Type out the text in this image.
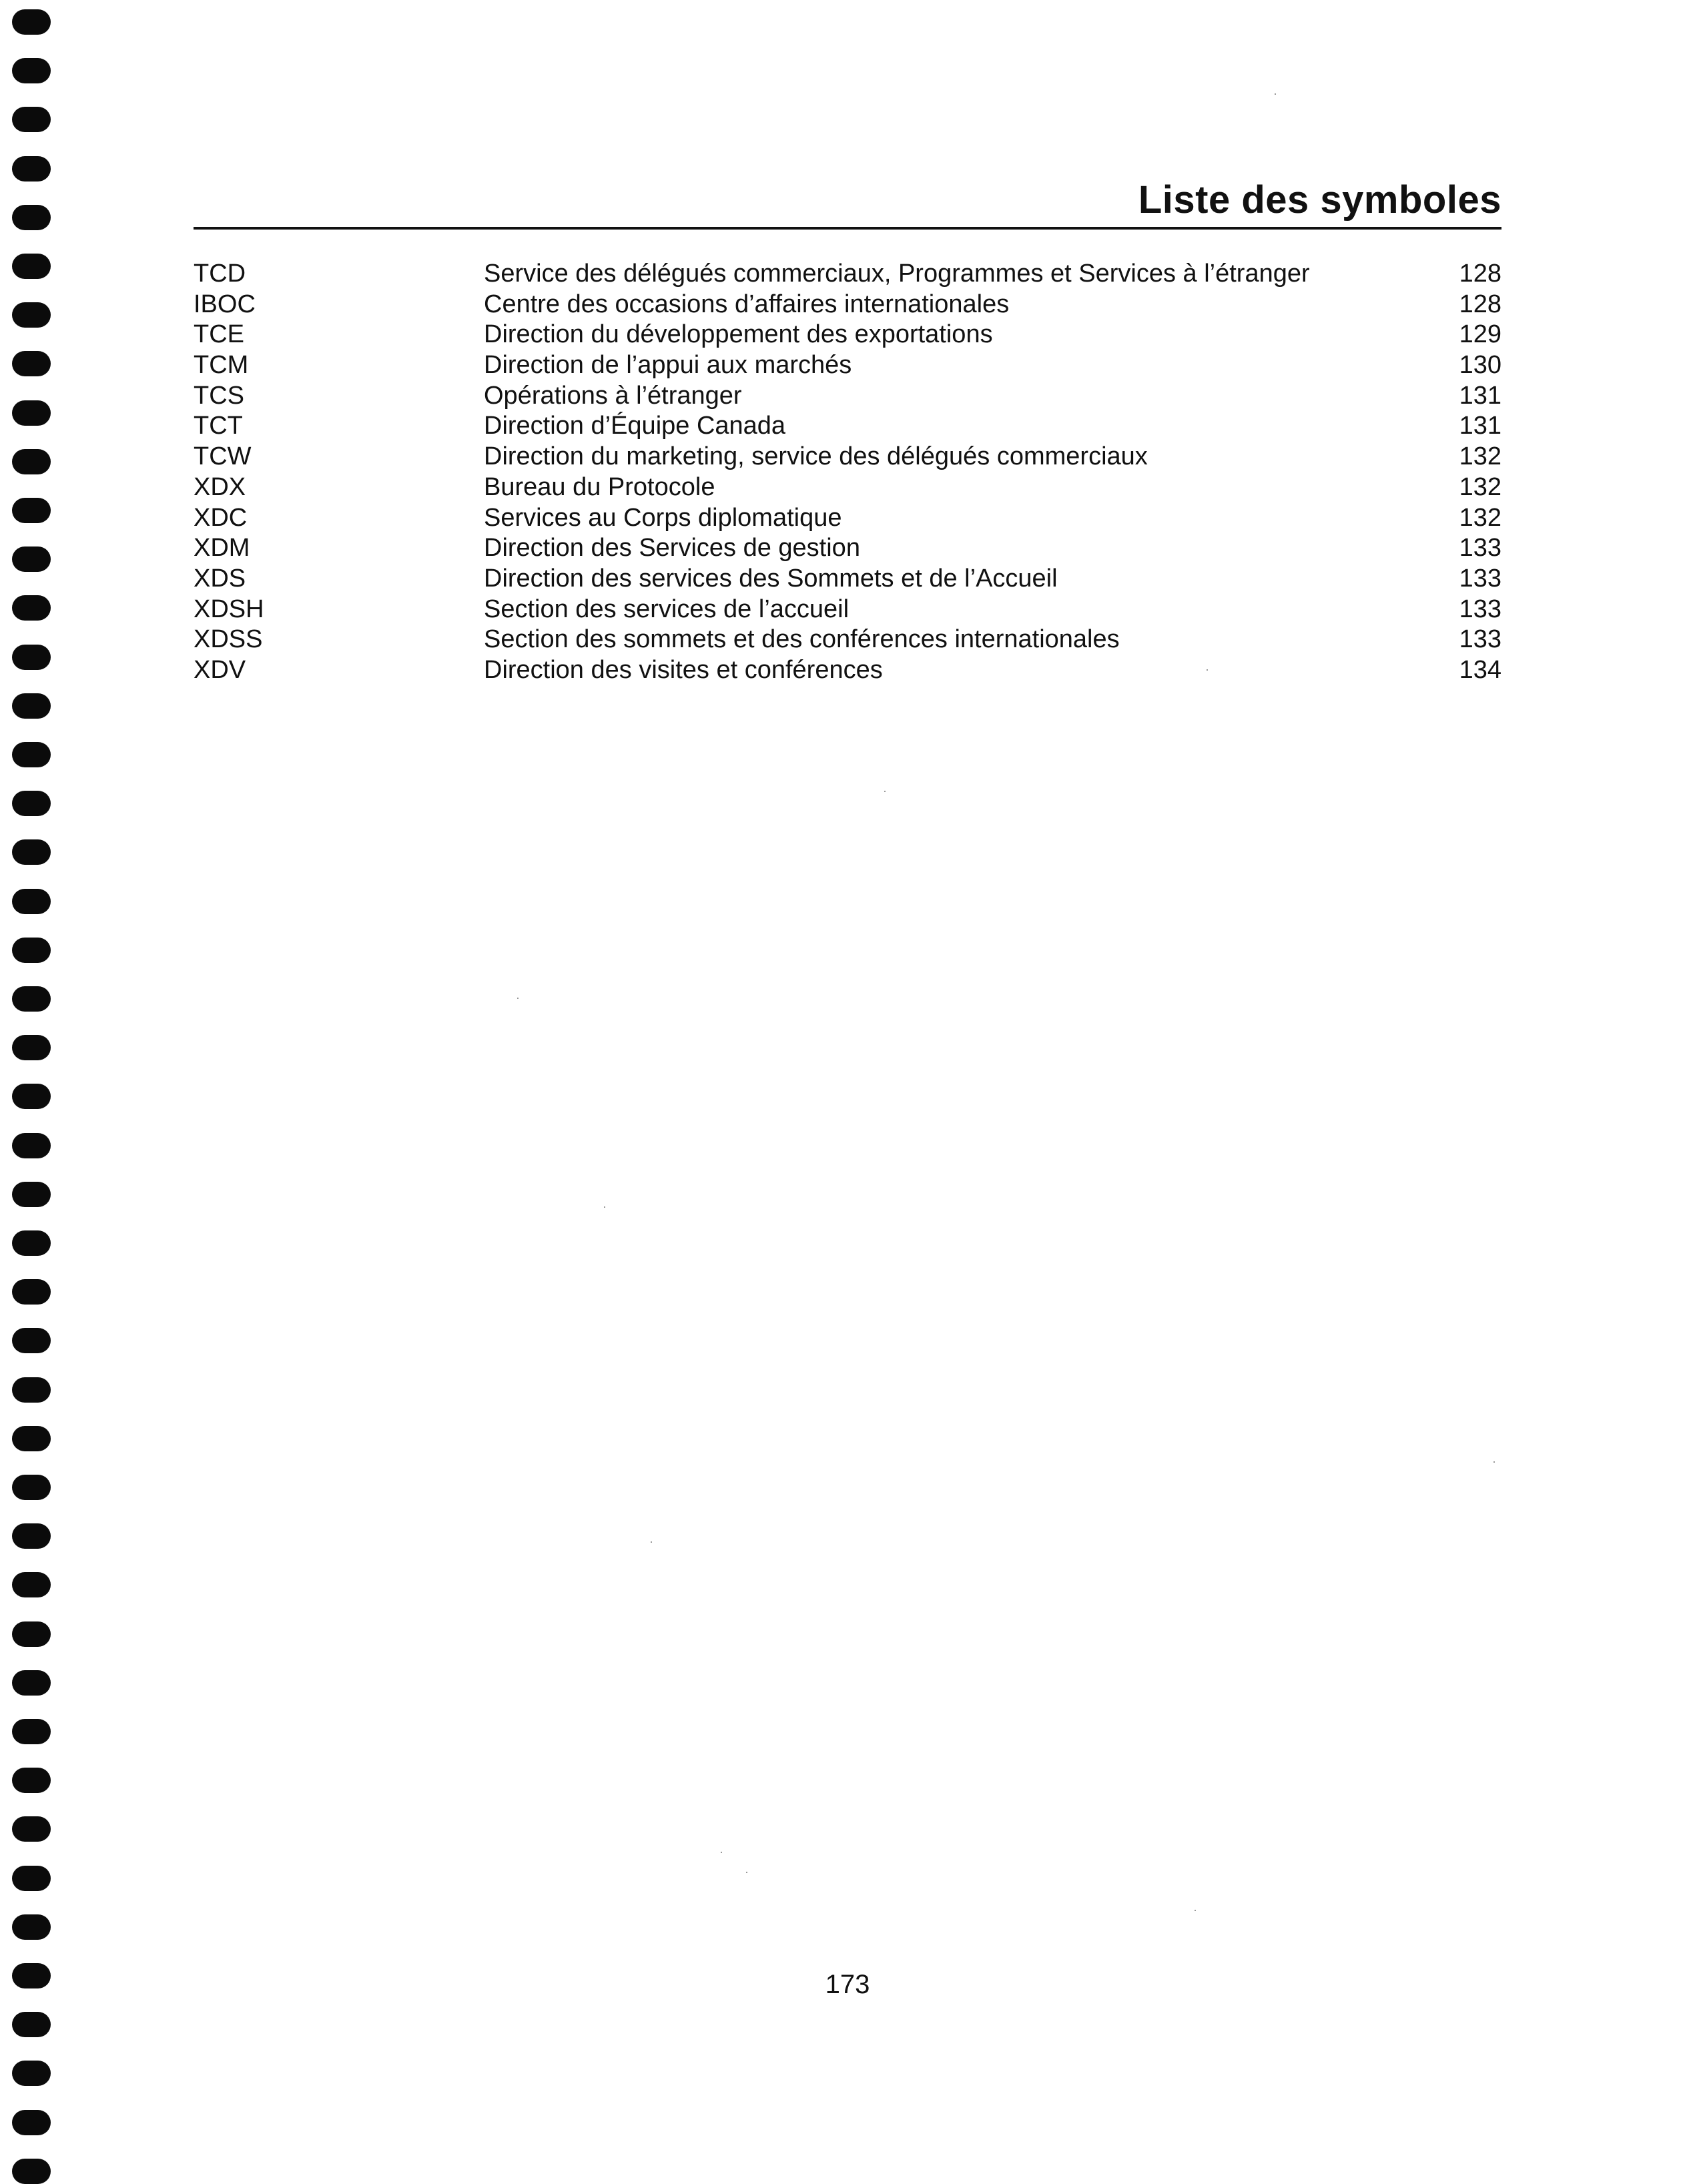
Liste des symboles
TCD	Service des délégués commerciaux, Programmes et Services à l’étranger	128
IBOC	Centre des occasions d’affaires internationales	128
TCE	Direction du développement des exportations	129
TCM	Direction de l’appui aux marchés	130
TCS	Opérations à l’étranger	131
TCT	Direction d’Équipe Canada	131
TCW	Direction du marketing, service des délégués commerciaux	132
XDX	Bureau du Protocole	132
XDC	Services au Corps diplomatique	132
XDM	Direction des Services de gestion	133
XDS	Direction des services des Sommets et de l’Accueil	133
XDSH	Section des services de l’accueil	133
XDSS	Section des sommets et des conférences internationales	133
XDV	Direction des visites et conférences	134
173
